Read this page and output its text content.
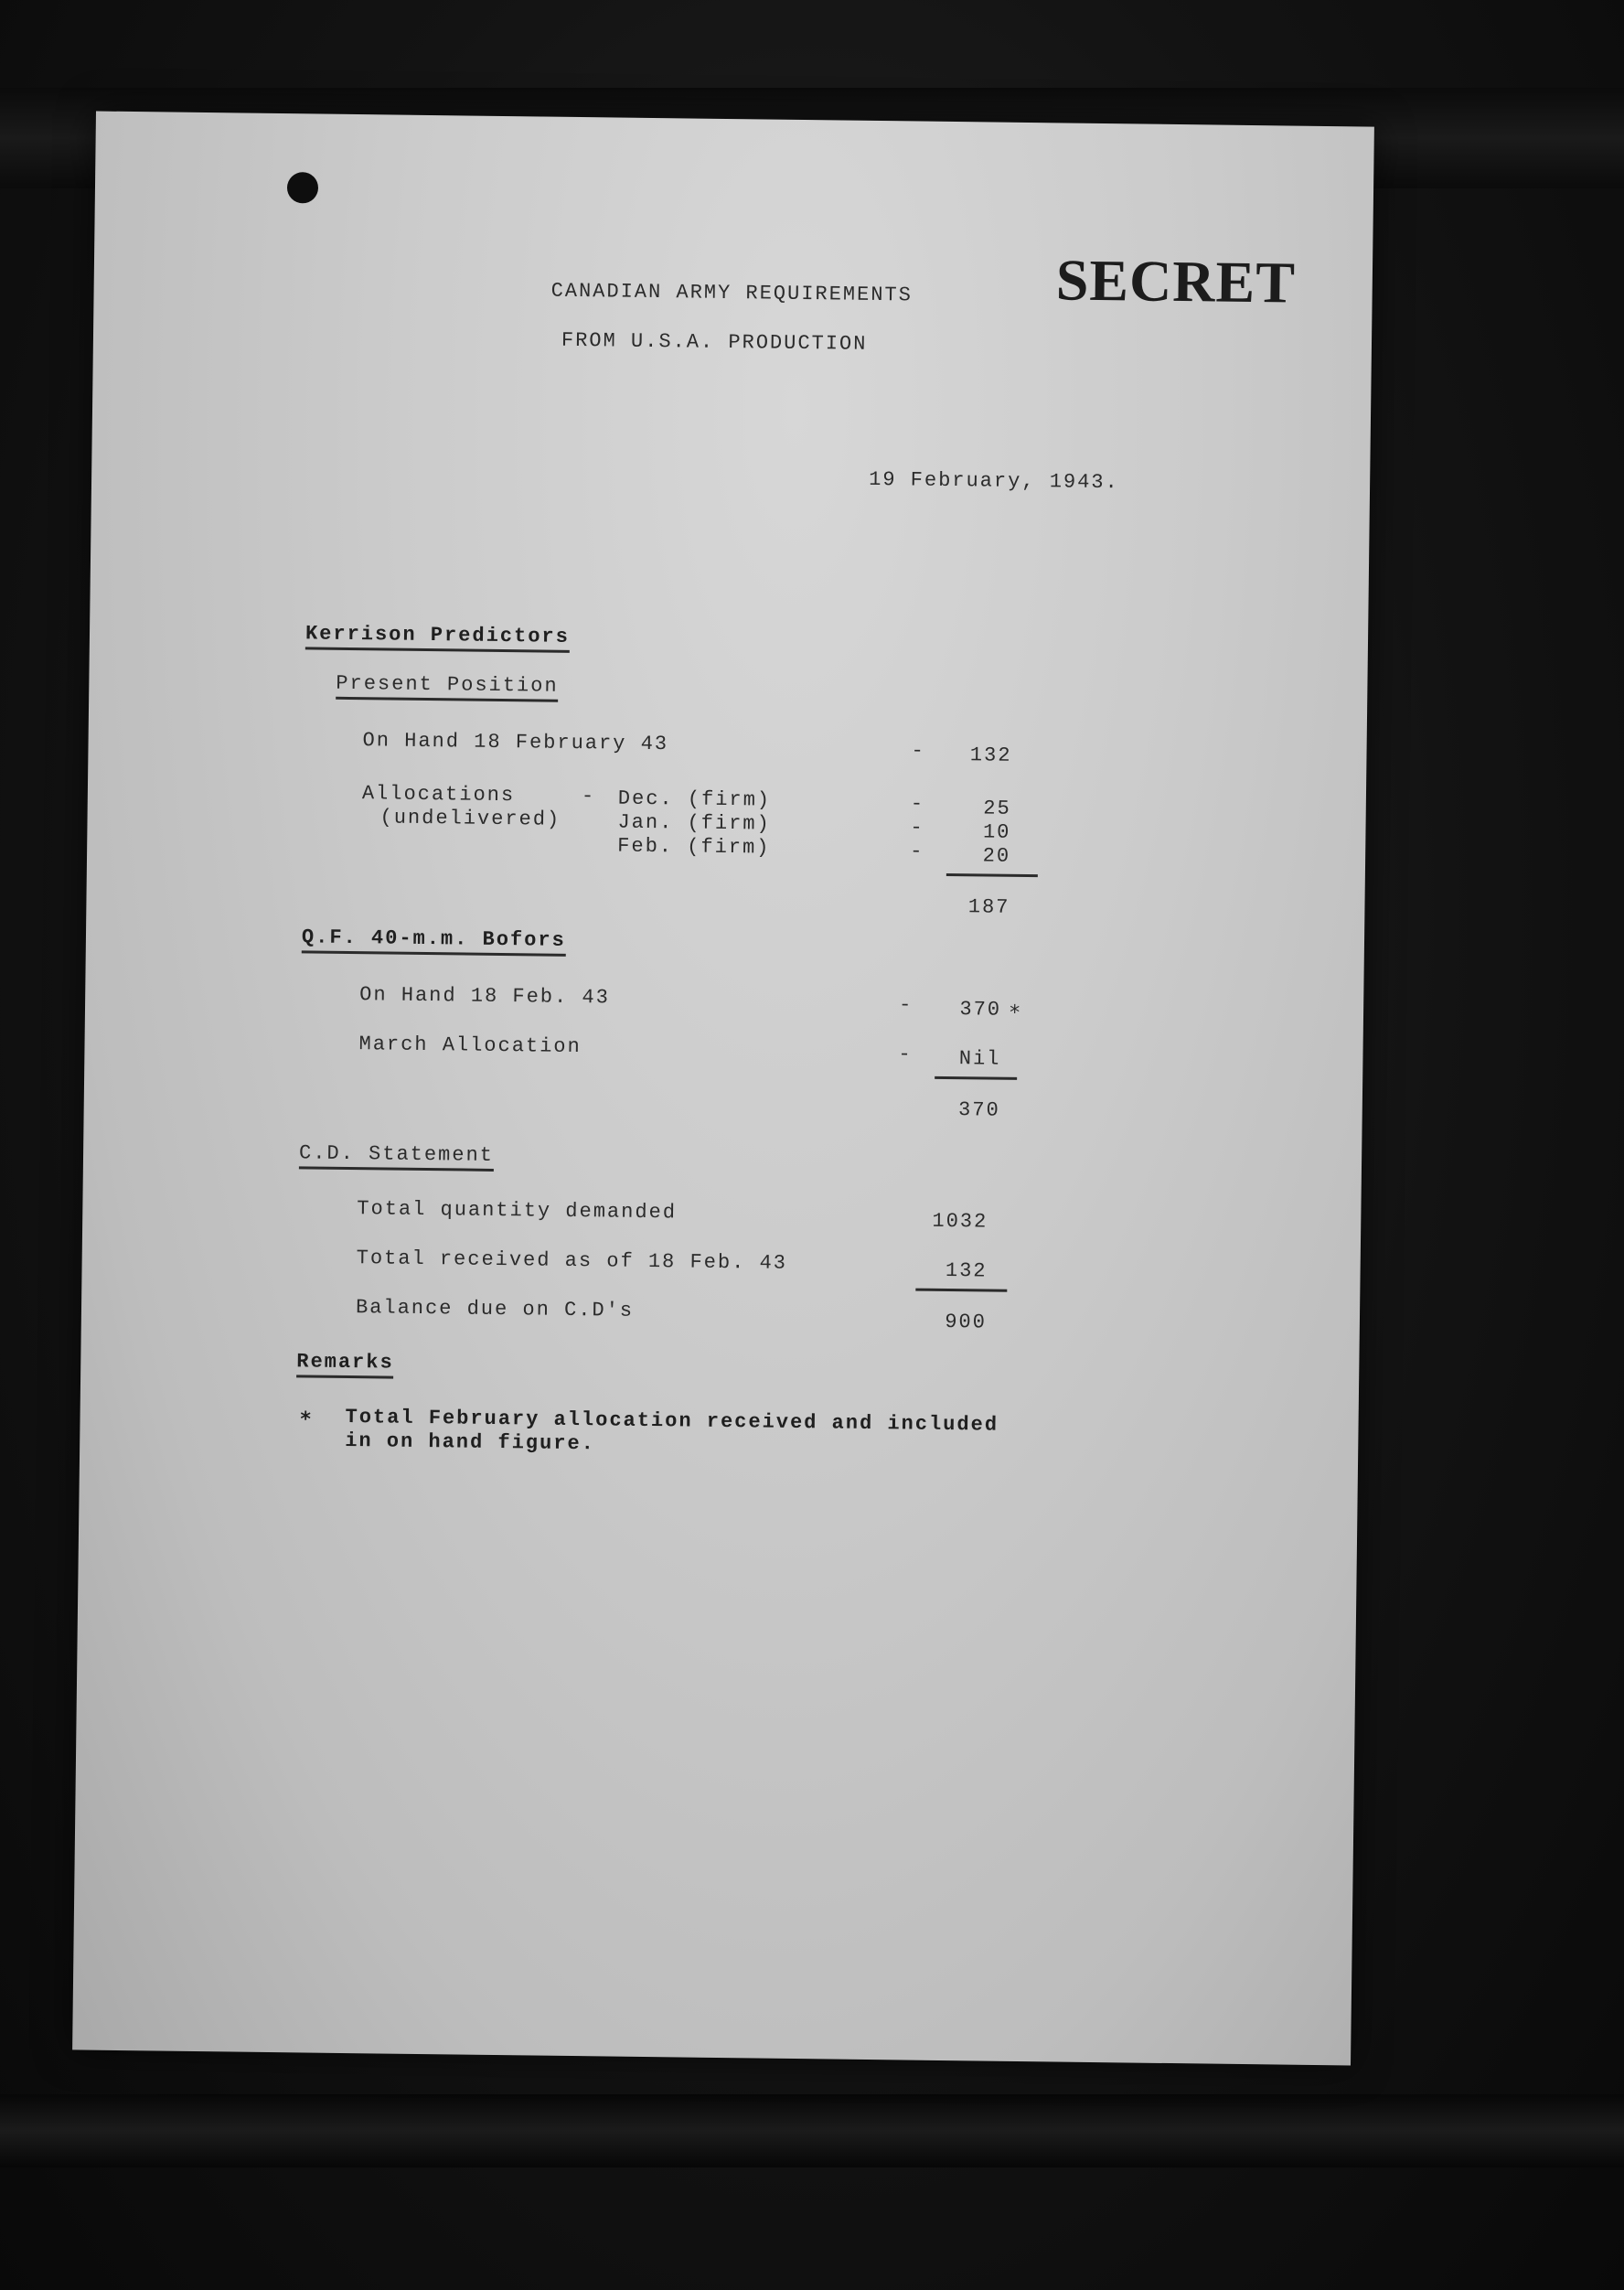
SECRET
CANADIAN ARMY REQUIREMENTS
FROM U.S.A. PRODUCTION
19 February, 1943.
Kerrison Predictors
Present Position
On Hand 18 February 43	-	132
Allocations	-
(undelivered)
Dec. (firm)	-	25
Jan. (firm)	-	10
Feb. (firm)	-	20
187
Q.F. 40-m.m. Bofors
On Hand 18 Feb. 43	-	370 ∗
March Allocation	-	Nil
370
C.D. Statement
Total quantity demanded	1032
Total received as of 18 Feb. 43	132
Balance due on C.D's	900
Remarks
∗ Total February allocation received and included
in on hand figure.
